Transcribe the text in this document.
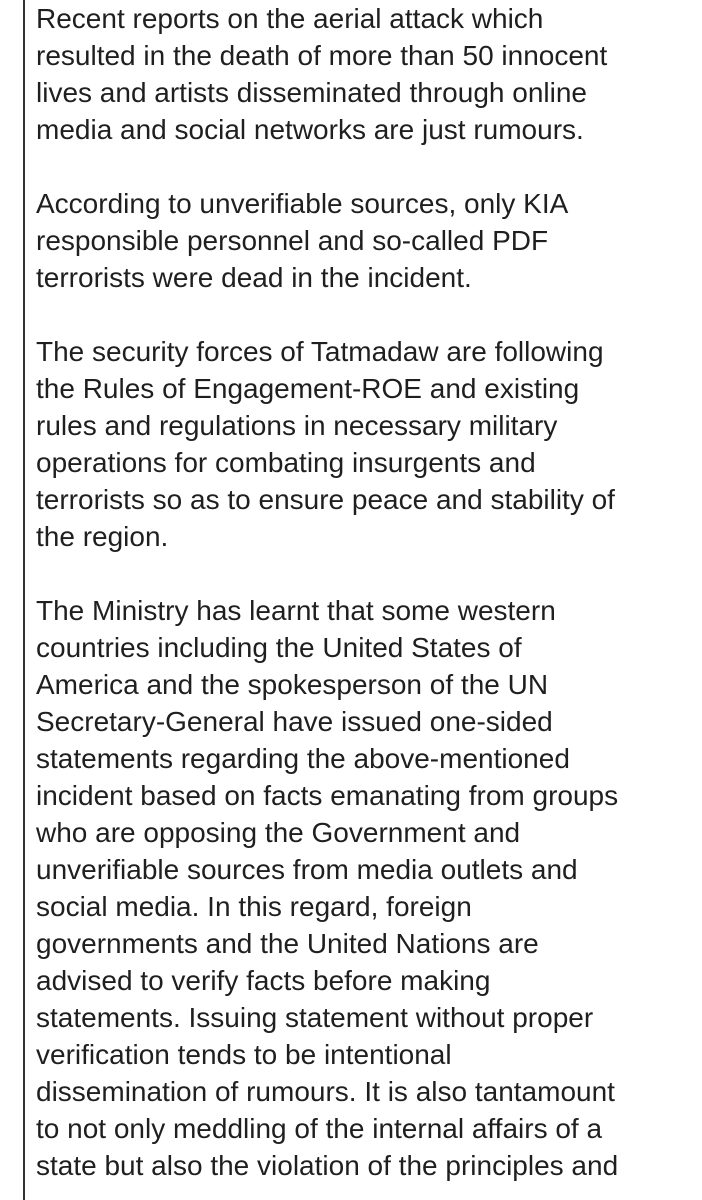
Recent reports on the aerial attack which
resulted in the death of more than 50 innocent
lives and artists disseminated through online
media and social networks are just rumours.

According to unverifiable sources, only KIA
responsible personnel and so-called PDF
terrorists were dead in the incident.

The security forces of Tatmadaw are following
the Rules of Engagement-ROE and existing
rules and regulations in necessary military
operations for combating insurgents and
terrorists so as to ensure peace and stability of
the region.

The Ministry has learnt that some western
countries including the United States of
America and the spokesperson of the UN
Secretary-General have issued one-sided
statements regarding the above-mentioned
incident based on facts emanating from groups
who are opposing the Government and
unverifiable sources from media outlets and
social media. In this regard, foreign
governments and the United Nations are
advised to verify facts before making
statements. Issuing statement without proper
verification tends to be intentional
dissemination of rumours. It is also tantamount
to not only meddling of the internal affairs of a
state but also the violation of the principles and
